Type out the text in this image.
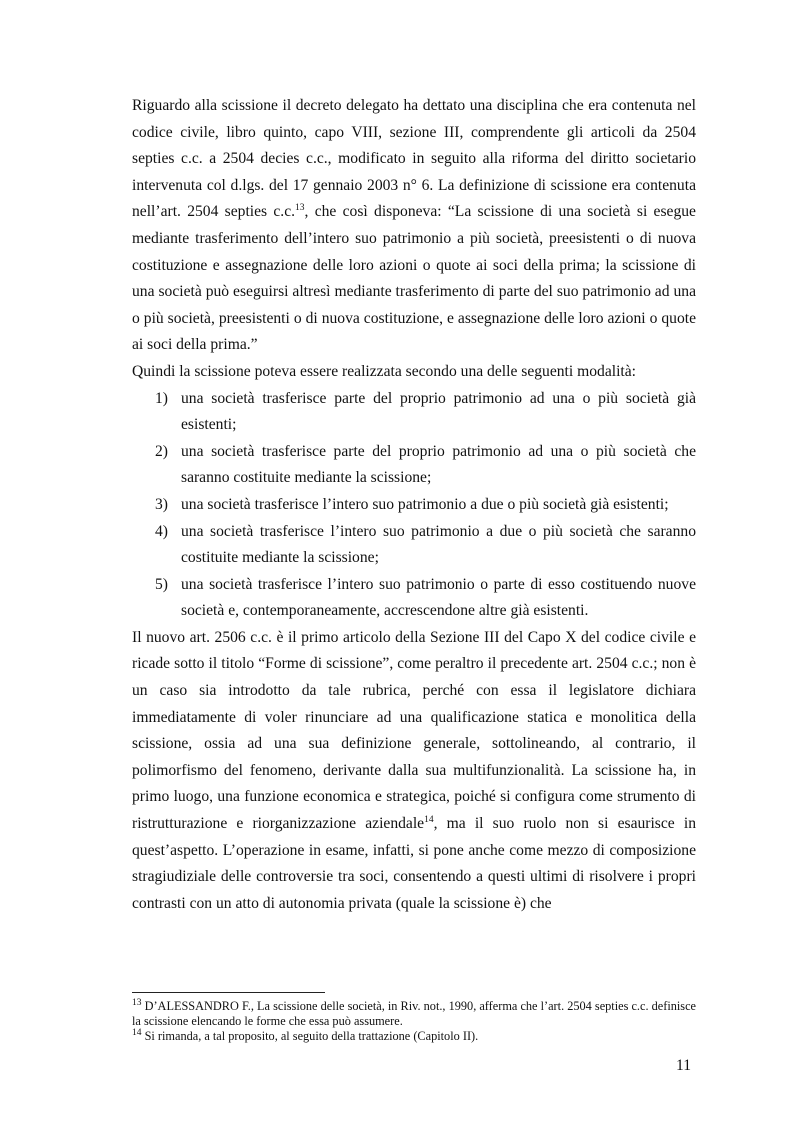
Riguardo alla scissione il decreto delegato ha dettato una disciplina che era contenuta nel codice civile, libro quinto, capo VIII, sezione III, comprendente gli articoli da 2504 septies c.c. a 2504 decies c.c., modificato in seguito alla riforma del diritto societario intervenuta col d.lgs. del 17 gennaio 2003 n° 6. La definizione di scissione era contenuta nell’art. 2504 septies c.c.$^{13}$, che così disponeva: “La scissione di una società si esegue mediante trasferimento dell’intero suo patrimonio a più società, preesistenti o di nuova costituzione e assegnazione delle loro azioni o quote ai soci della prima; la scissione di una società può eseguirsi altresì mediante trasferimento di parte del suo patrimonio ad una o più società, preesistenti o di nuova costituzione, e assegnazione delle loro azioni o quote ai soci della prima.”

Quindi la scissione poteva essere realizzata secondo una delle seguenti modalità:

1) una società trasferisce parte del proprio patrimonio ad una o più società già esistenti;
2) una società trasferisce parte del proprio patrimonio ad una o più società che saranno costituite mediante la scissione;
3) una società trasferisce l’intero suo patrimonio a due o più società già esistenti;
4) una società trasferisce l’intero suo patrimonio a due o più società che saranno costituite mediante la scissione;
5) una società trasferisce l’intero suo patrimonio o parte di esso costituendo nuove società e, contemporaneamente, accrescendone altre già esistenti.

Il nuovo art. 2506 c.c. è il primo articolo della Sezione III del Capo X del codice civile e ricade sotto il titolo “Forme di scissione”, come peraltro il precedente art. 2504 c.c.; non è un caso sia introdotto da tale rubrica, perché con essa il legislatore dichiara immediatamente di voler rinunciare ad una qualificazione statica e monolitica della scissione, ossia ad una sua definizione generale, sottolineando, al contrario, il polimorfismo del fenomeno, derivante dalla sua multifunzionalità. La scissione ha, in primo luogo, una funzione economica e strategica, poiché si configura come strumento di ristrutturazione e riorganizzazione aziendale$^{14}$, ma il suo ruolo non si esaurisce in quest’aspetto. L’operazione in esame, infatti, si pone anche come mezzo di composizione stragiudiziale delle controversie tra soci, consentendo a questi ultimi di risolvere i propri contrasti con un atto di autonomia privata (quale la scissione è) che

$^{13}$ D’ALESSANDRO F., La scissione delle società, in Riv. not., 1990, afferma che l’art. 2504 septies c.c. definisce la scissione elencando le forme che essa può assumere.

$^{14}$ Si rimanda, a tal proposito, al seguito della trattazione (Capitolo II).

11
